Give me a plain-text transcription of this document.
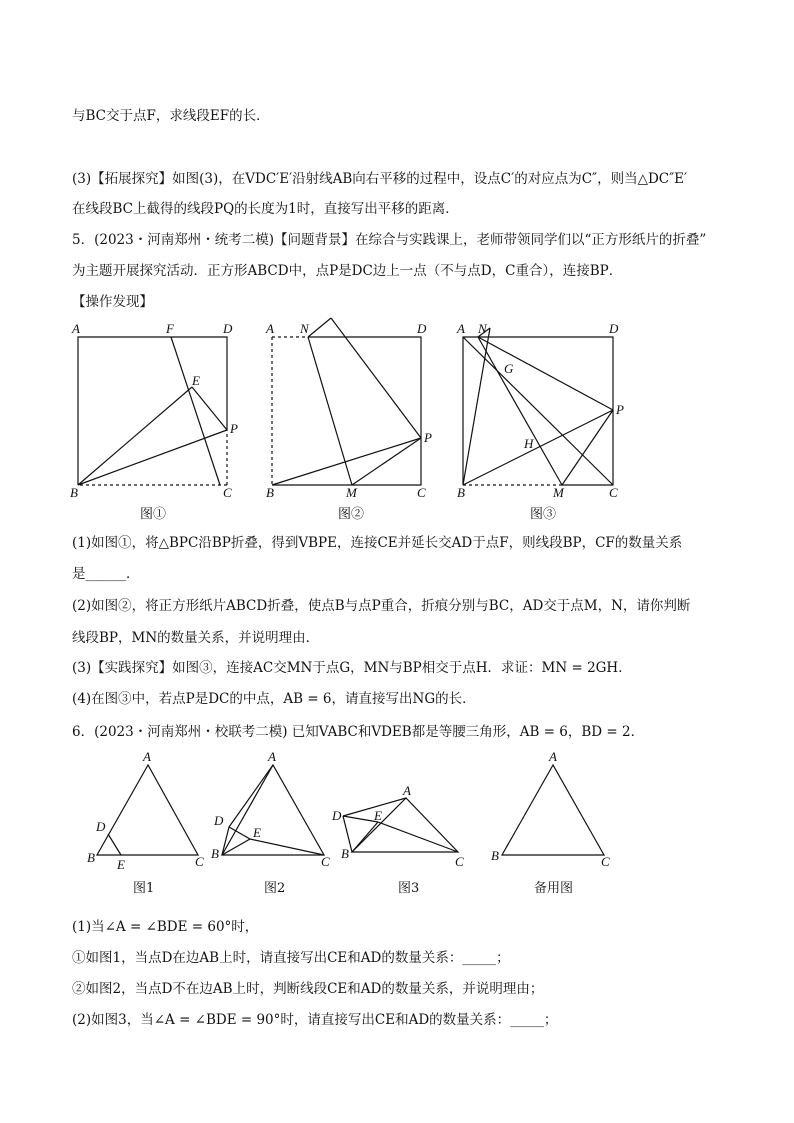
与BC交于点F，求线段EF的长．
(3)【拓展探究】如图(3)，在VDC′E′沿射线AB向右平移的过程中，设点C′的对应点为C″，则当△DC″E′
在线段BC上截得的线段PQ的长度为1时，直接写出平移的距离．
5．(2023・河南郑州・统考二模)【问题背景】在综合与实践课上，老师带领同学们以“正方形纸片的折叠”
为主题开展探究活动．正方形ABCD中，点P是DC边上一点（不与点D，C重合），连接BP．
【操作发现】
A	F	D
E
P
B	C
A N	D
P
B	M	C
A N	D
G
P
H
B	M	C
图①	图②	图③
(1)如图①，将△BPC沿BP折叠，得到VBPE，连接CE并延长交AD于点F，则线段BP，CF的数量关系
是______．
(2)如图②，将正方形纸片ABCD折叠，使点B与点P重合，折痕分别与BC，AD交于点M，N，请你判断
线段BP，MN的数量关系，并说明理由．
(3)【实践探究】如图③，连接AC交MN于点G，MN与BP相交于点H．求证：MN = 2GH．
(4)在图③中，若点P是DC的中点，AB = 6，请直接写出NG的长．
6．(2023・河南郑州・校联考二模) 已知VABC和VDEB都是等腰三角形，AB = 6，BD = 2．
A
D
B E	C
A
D
E
B
C
A
D	E
B
C
A
B	C
图1	图2	图3	备用图
(1)当∠A = ∠BDE = 60°时，
①如图1，当点D在边AB上时，请直接写出CE和AD的数量关系：_____；
②如图2，当点D不在边AB上时，判断线段CE和AD的数量关系，并说明理由；
(2)如图3，当∠A = ∠BDE = 90°时，请直接写出CE和AD的数量关系：_____；
